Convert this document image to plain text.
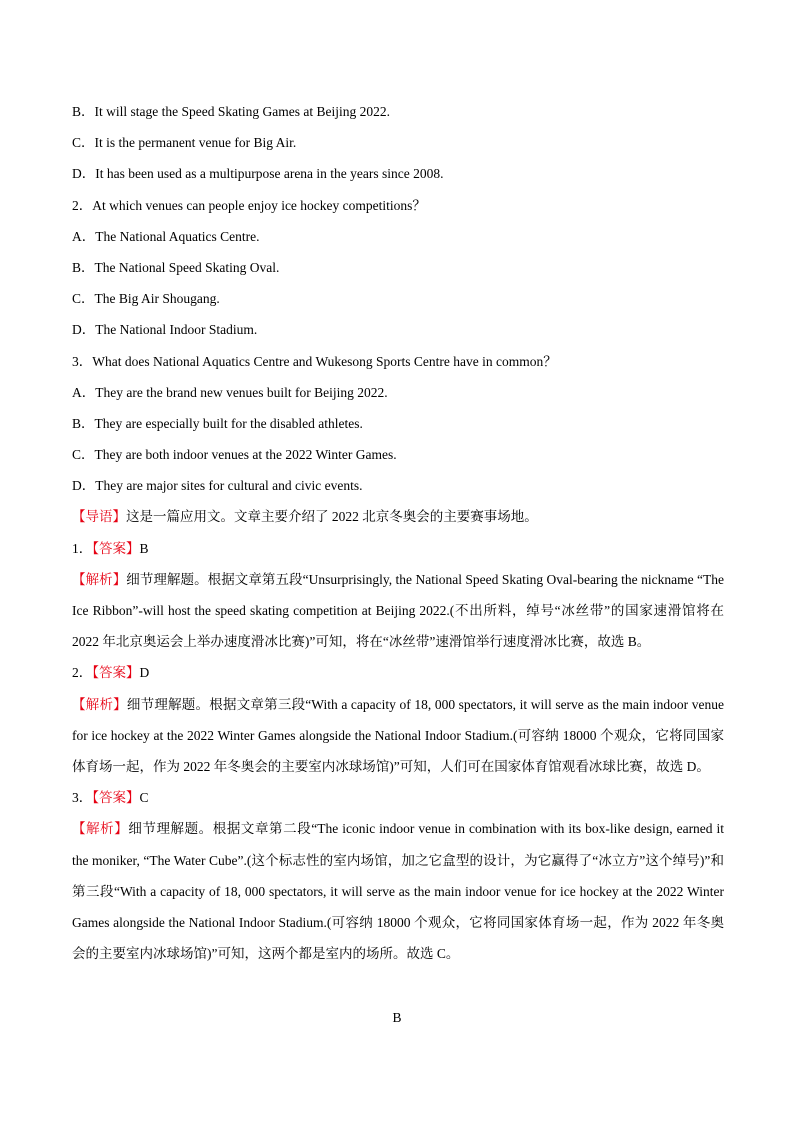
B．It will stage the Speed Skating Games at Beijing 2022.
C．It is the permanent venue for Big Air.
D．It has been used as a multipurpose arena in the years since 2008.
2．At which venues can people enjoy ice hockey competitions？
A．The National Aquatics Centre.
B．The National Speed Skating Oval.
C．The Big Air Shougang.
D．The National Indoor Stadium.
3．What does National Aquatics Centre and Wukesong Sports Centre have in common？
A．They are the brand new venues built for Beijing 2022.
B．They are especially built for the disabled athletes.
C．They are both indoor venues at the 2022 Winter Games.
D．They are major sites for cultural and civic events.
【导语】这是一篇应用文。文章主要介绍了 2022 北京冬奥会的主要赛事场地。
1．【答案】B
【解析】细节理解题。根据文章第五段“Unsurprisingly, the National Speed Skating Oval-bearing the nickname “The Ice Ribbon”-will host the speed skating competition at Beijing 2022.(不出所料，绰号“冰丝带”的国家速滑馆将在 2022 年北京奥运会上举办速度滑冰比赛)”可知，将在“冰丝带”速滑馆举行速度滑冰比赛，故选 B。
2．【答案】D
【解析】细节理解题。根据文章第三段“With a capacity of 18, 000 spectators, it will serve as the main indoor venue for ice hockey at the 2022 Winter Games alongside the National Indoor Stadium.(可容纳 18000 个观众，它将同国家体育场一起，作为 2022 年冬奥会的主要室内冰球场馆)”可知，人们可在国家体育馆观看冰球比赛，故选 D。
3．【答案】C
【解析】细节理解题。根据文章第二段“The iconic indoor venue in combination with its box-like design, earned it the moniker, “The Water Cube”.(这个标志性的室内场馆，加之它盒型的设计，为它赢得了“冰立方”这个绰号)”和第三段“With a capacity of 18, 000 spectators, it will serve as the main indoor venue for ice hockey at the 2022 Winter Games alongside the National Indoor Stadium.(可容纳 18000 个观众，它将同国家体育场一起，作为 2022 年冬奥会的主要室内冰球场馆)”可知，这两个都是室内的场所。故选 C。
B
